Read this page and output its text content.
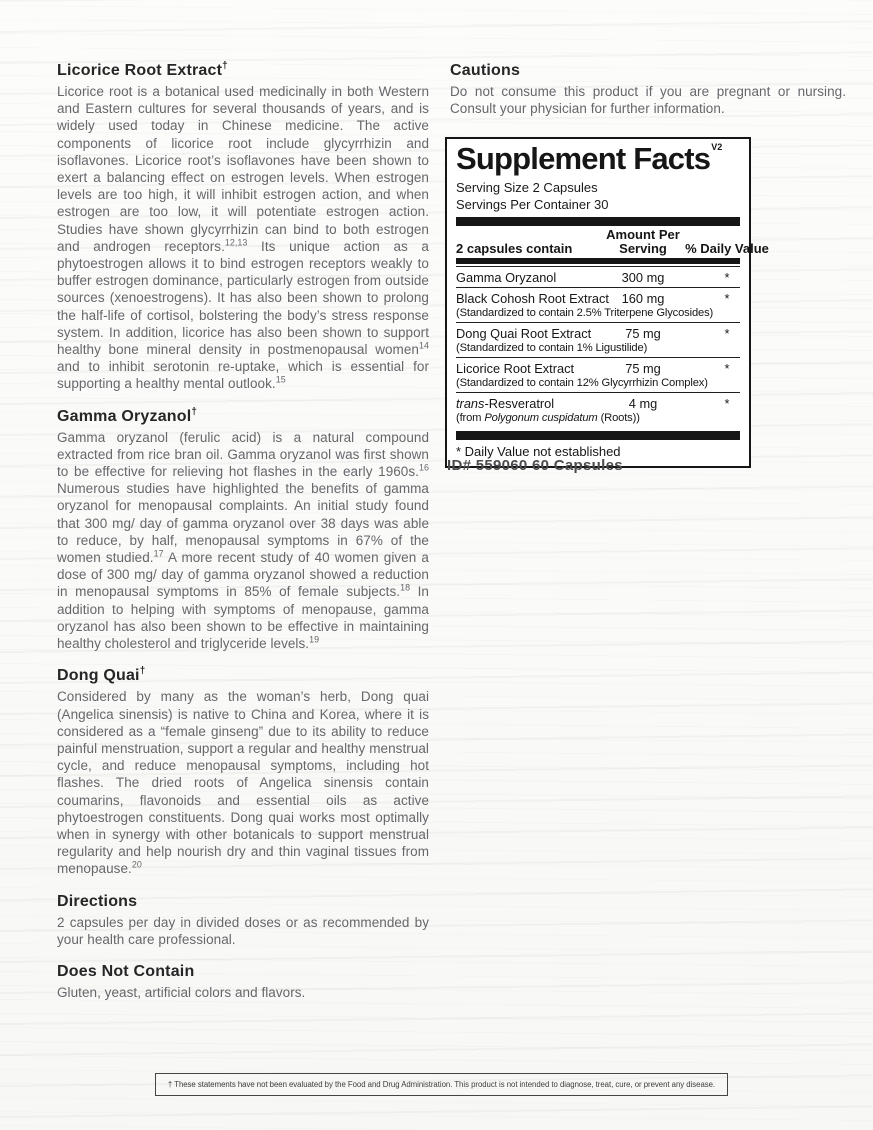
Licorice Root Extract†

Licorice root is a botanical used medicinally in both Western and Eastern cultures for several thousands of years, and is widely used today in Chinese medicine. The active components of licorice root include glycyrrhizin and isoflavones. Licorice root’s isoflavones have been shown to exert a balancing effect on estrogen levels. When estrogen levels are too high, it will inhibit estrogen action, and when estrogen are too low, it will potentiate estrogen action. Studies have shown glycyrrhizin can bind to both estrogen and androgen receptors.$^{12,13}$ Its unique action as a phytoestrogen allows it to bind estrogen receptors weakly to buffer estrogen dominance, particularly estrogen from outside sources (xenoestrogens). It has also been shown to prolong the half-life of cortisol, bolstering the body’s stress response system. In addition, licorice has also been shown to support healthy bone mineral density in postmenopausal women$^{14}$ and to inhibit serotonin re-uptake, which is essential for supporting a healthy mental outlook.$^{15}$

Gamma Oryzanol†

Gamma oryzanol (ferulic acid) is a natural compound extracted from rice bran oil. Gamma oryzanol was first shown to be effective for relieving hot flashes in the early 1960s.$^{16}$ Numerous studies have highlighted the benefits of gamma oryzanol for menopausal complaints. An initial study found that 300 mg/ day of gamma oryzanol over 38 days was able to reduce, by half, menopausal symptoms in 67% of the women studied.$^{17}$ A more recent study of 40 women given a dose of 300 mg/ day of gamma oryzanol showed a reduction in menopausal symptoms in 85% of female subjects.$^{18}$ In addition to helping with symptoms of menopause, gamma oryzanol has also been shown to be effective in maintaining healthy cholesterol and triglyceride levels.$^{19}$

Dong Quai†

Considered by many as the woman’s herb, Dong quai (Angelica sinensis) is native to China and Korea, where it is considered as a “female ginseng” due to its ability to reduce painful menstruation, support a regular and healthy menstrual cycle, and reduce menopausal symptoms, including hot flashes. The dried roots of Angelica sinensis contain coumarins, flavonoids and essential oils as active phytoestrogen constituents. Dong quai works most optimally when in synergy with other botanicals to support menstrual regularity and help nourish dry and thin vaginal tissues from menopause.$^{20}$

Directions

2 capsules per day in divided doses or as recommended by your health care professional.

Does Not Contain

Gluten, yeast, artificial colors and flavors.

Cautions

Do not consume this product if you are pregnant or nursing. Consult your physician for further information.

Supplement Facts$^{V2}$
Serving Size 2 Capsules
Servings Per Container 30
2 capsules contain
Amount Per Serving	% Daily Value
Gamma Oryzanol	300 mg	*
Black Cohosh Root Extract 160 mg	*
(Standardized to contain 2.5% Triterpene Glycosides)
Dong Quai Root Extract	75 mg	*
(Standardized to contain 1% Ligustilide)
Licorice Root Extract	75 mg	*
(Standardized to contain 12% Glycyrrhizin Complex)
trans-Resveratrol	4 mg	*
(from Polygonum cuspidatum (Roots))
* Daily Value not established
ID# 559060 60 Capsules
† These statements have not been evaluated by the Food and Drug Administration. This product is not intended to diagnose, treat, cure, or prevent any disease.
